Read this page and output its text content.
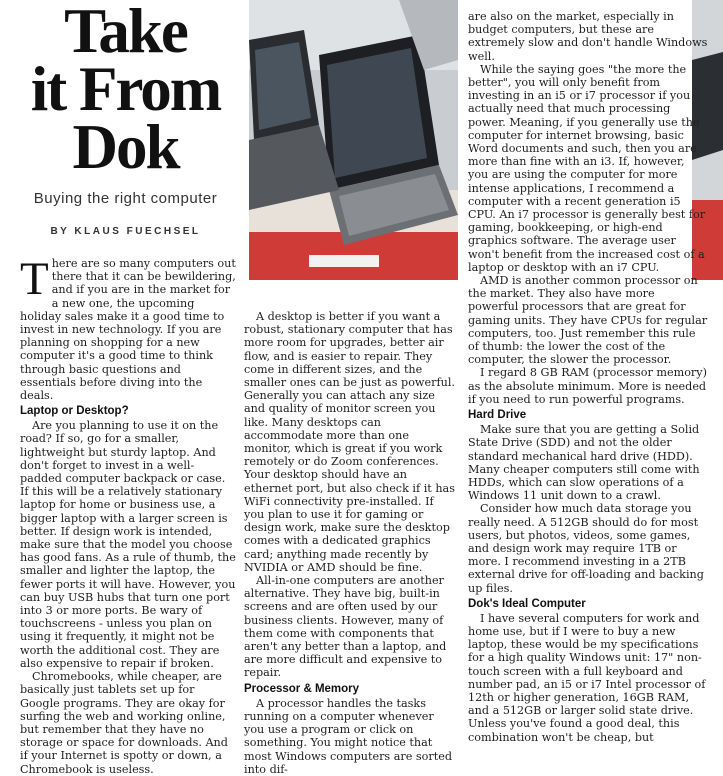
Take
it From
Dok
Buying the right computer
BY KLAUS FUECHSEL

There are so many computers out there that it can be bewildering, and if you are in the market for a new one, the upcoming holiday sales make it a good time to invest in new technology. If you are planning on shopping for a new computer it's a good time to think through basic questions and essentials before diving into the deals.

Laptop or Desktop?

Are you planning to use it on the road? If so, go for a smaller, lightweight but sturdy laptop. And don't forget to invest in a well-padded computer backpack or case. If this will be a relatively stationary laptop for home or business use, a bigger laptop with a larger screen is better. If design work is intended, make sure that the model you choose has good fans. As a rule of thumb, the smaller and lighter the laptop, the fewer ports it will have. However, you can buy USB hubs that turn one port into 3 or more ports. Be wary of touchscreens - unless you plan on using it frequently, it might not be worth the additional cost. They are also expensive to repair if broken.

Chromebooks, while cheaper, are basically just tablets set up for Google programs. They are okay for surfing the web and working online, but remember that they have no storage or space for downloads. And if your Internet is spotty or down, a Chromebook is useless.

A desktop is better if you want a robust, stationary computer that has more room for upgrades, better air flow, and is easier to repair. They come in different sizes, and the smaller ones can be just as powerful. Generally you can attach any size and quality of monitor screen you like. Many desktops can accommodate more than one monitor, which is great if you work remotely or do Zoom conferences. Your desktop should have an ethernet port, but also check if it has WiFi connectivity pre-installed. If you plan to use it for gaming or design work, make sure the desktop comes with a dedicated graphics card; anything made recently by NVIDIA or AMD should be fine.

All-in-one computers are another alternative. They have big, built-in screens and are often used by our business clients. However, many of them come with components that aren't any better than a laptop, and are more difficult and expensive to repair.

Processor & Memory

A processor handles the tasks running on a computer whenever you use a program or click on something. You might notice that most Windows computers are sorted into dif-

are also on the market, especially in budget computers, but these are extremely slow and don't handle Windows well.

While the saying goes "the more the better", you will only benefit from investing in an i5 or i7 processor if you actually need that much processing power. Meaning, if you generally use the computer for internet browsing, basic Word documents and such, then you are more than fine with an i3. If, however, you are using the computer for more intense applications, I recommend a computer with a recent generation i5 CPU. An i7 processor is generally best for gaming, bookkeeping, or high-end graphics software. The average user won't benefit from the increased cost of a laptop or desktop with an i7 CPU.

AMD is another common processor on the market. They also have more powerful processors that are great for gaming units. They have CPUs for regular computers, too. Just remember this rule of thumb: the lower the cost of the computer, the slower the processor.

I regard 8 GB RAM (processor memory) as the absolute minimum. More is needed if you need to run powerful programs.

Hard Drive

Make sure that you are getting a Solid State Drive (SDD) and not the older standard mechanical hard drive (HDD). Many cheaper computers still come with HDDs, which can slow operations of a Windows 11 unit down to a crawl.

Consider how much data storage you really need. A 512GB should do for most users, but photos, videos, some games, and design work may require 1TB or more. I recommend investing in a 2TB external drive for off-loading and backing up files.

Dok's Ideal Computer

I have several computers for work and home use, but if I were to buy a new laptop, these would be my specifications for a high quality Windows unit: 17" non-touch screen with a full keyboard and number pad, an i5 or i7 Intel processor of 12th or higher generation, 16GB RAM, and a 512GB or larger solid state drive. Unless you've found a good deal, this combination won't be cheap, but
